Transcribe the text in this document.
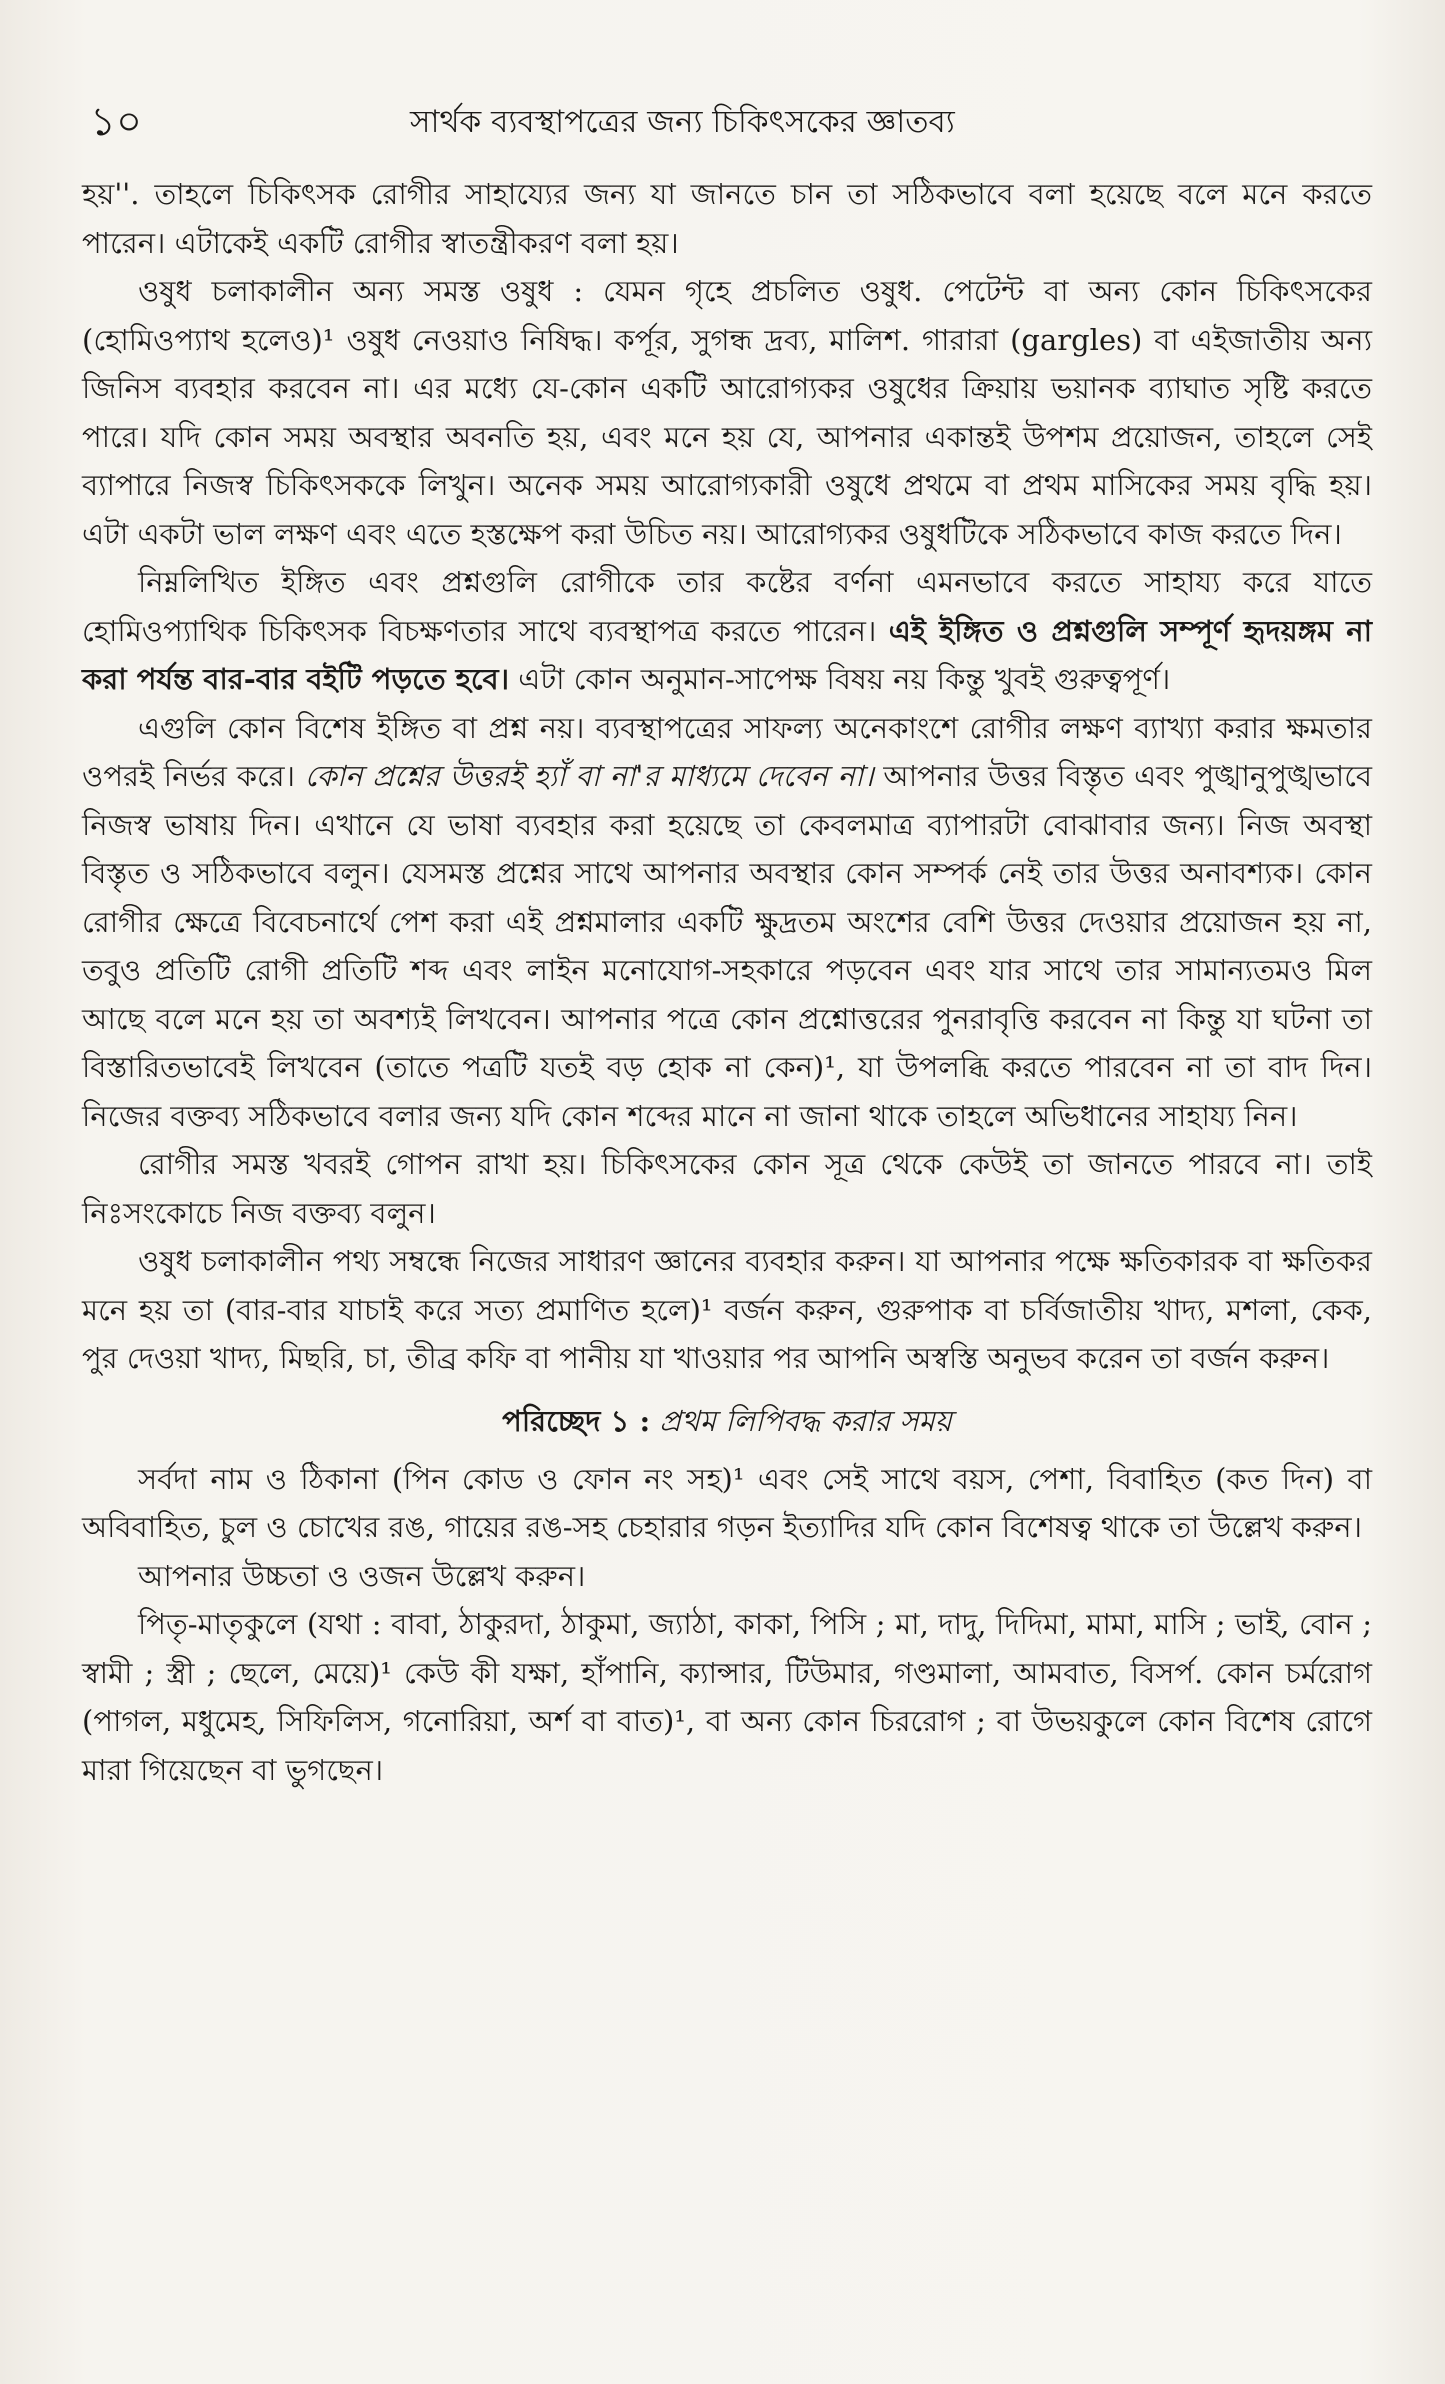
১০	সার্থক ব্যবস্থাপত্রের জন্য চিকিৎসকের জ্ঞাতব্য

হয়''. তাহলে চিকিৎসক রোগীর সাহায্যের জন্য যা জানতে চান তা সঠিকভাবে বলা হয়েছে বলে মনে করতে পারেন। এটাকেই একটি রোগীর স্বাতন্ত্রীকরণ বলা হয়।

ওষুধ চলাকালীন অন্য সমস্ত ওষুধ : যেমন গৃহে প্রচলিত ওষুধ. পেটেন্ট বা অন্য কোন চিকিৎসকের (হোমিওপ্যাথ হলেও)¹ ওষুধ নেওয়াও নিষিদ্ধ। কর্পূর, সুগন্ধ দ্রব্য, মালিশ. গারারা (gargles) বা এইজাতীয় অন্য জিনিস ব্যবহার করবেন না। এর মধ্যে যে-কোন একটি আরোগ্যকর ওষুধের ক্রিয়ায় ভয়ানক ব্যাঘাত সৃষ্টি করতে পারে। যদি কোন সময় অবস্থার অবনতি হয়, এবং মনে হয় যে, আপনার একান্তই উপশম প্রয়োজন, তাহলে সেই ব্যাপারে নিজস্ব চিকিৎসককে লিখুন। অনেক সময় আরোগ্যকারী ওষুধে প্রথমে বা প্রথম মাসিকের সময় বৃদ্ধি হয়। এটা একটা ভাল লক্ষণ এবং এতে হস্তক্ষেপ করা উচিত নয়। আরোগ্যকর ওষুধটিকে সঠিকভাবে কাজ করতে দিন।

নিম্নলিখিত ইঙ্গিত এবং প্রশ্নগুলি রোগীকে তার কষ্টের বর্ণনা এমনভাবে করতে সাহায্য করে যাতে হোমিওপ্যাথিক চিকিৎসক বিচক্ষণতার সাথে ব্যবস্থাপত্র করতে পারেন। এই ইঙ্গিত ও প্রশ্নগুলি সম্পূর্ণ হৃদয়ঙ্গম না করা পর্যন্ত বার-বার বইটি পড়তে হবে। এটা কোন অনুমান-সাপেক্ষ বিষয় নয় কিন্তু খুবই গুরুত্বপূর্ণ।

এগুলি কোন বিশেষ ইঙ্গিত বা প্রশ্ন নয়। ব্যবস্থাপত্রের সাফল্য অনেকাংশে রোগীর লক্ষণ ব্যাখ্যা করার ক্ষমতার ওপরই নির্ভর করে। কোন প্রশ্নের উত্তরই হ্যাঁ বা না'র মাধ্যমে দেবেন না। আপনার উত্তর বিস্তৃত এবং পুঙ্খানুপুঙ্খভাবে নিজস্ব ভাষায় দিন। এখানে যে ভাষা ব্যবহার করা হয়েছে তা কেবলমাত্র ব্যাপারটা বোঝাবার জন্য। নিজ অবস্থা বিস্তৃত ও সঠিকভাবে বলুন। যেসমস্ত প্রশ্নের সাথে আপনার অবস্থার কোন সম্পর্ক নেই তার উত্তর অনাবশ্যক। কোন রোগীর ক্ষেত্রে বিবেচনার্থে পেশ করা এই প্রশ্নমালার একটি ক্ষুদ্রতম অংশের বেশি উত্তর দেওয়ার প্রয়োজন হয় না, তবুও প্রতিটি রোগী প্রতিটি শব্দ এবং লাইন মনোযোগ-সহকারে পড়বেন এবং যার সাথে তার সামান্যতমও মিল আছে বলে মনে হয় তা অবশ্যই লিখবেন। আপনার পত্রে কোন প্রশ্নোত্তরের পুনরাবৃত্তি করবেন না কিন্তু যা ঘটনা তা বিস্তারিতভাবেই লিখবেন (তাতে পত্রটি যতই বড় হোক না কেন)¹, যা উপলব্ধি করতে পারবেন না তা বাদ দিন। নিজের বক্তব্য সঠিকভাবে বলার জন্য যদি কোন শব্দের মানে না জানা থাকে তাহলে অভিধানের সাহায্য নিন।

রোগীর সমস্ত খবরই গোপন রাখা হয়। চিকিৎসকের কোন সূত্র থেকে কেউই তা জানতে পারবে না। তাই নিঃসংকোচে নিজ বক্তব্য বলুন।

ওষুধ চলাকালীন পথ্য সম্বন্ধে নিজের সাধারণ জ্ঞানের ব্যবহার করুন। যা আপনার পক্ষে ক্ষতিকারক বা ক্ষতিকর মনে হয় তা (বার-বার যাচাই করে সত্য প্রমাণিত হলে)¹ বর্জন করুন, গুরুপাক বা চর্বিজাতীয় খাদ্য, মশলা, কেক, পুর দেওয়া খাদ্য, মিছরি, চা, তীব্র কফি বা পানীয় যা খাওয়ার পর আপনি অস্বস্তি অনুভব করেন তা বর্জন করুন।

পরিচ্ছেদ ১ : প্রথম লিপিবদ্ধ করার সময়

সর্বদা নাম ও ঠিকানা (পিন কোড ও ফোন নং সহ)¹ এবং সেই সাথে বয়স, পেশা, বিবাহিত (কত দিন) বা অবিবাহিত, চুল ও চোখের রঙ, গায়ের রঙ-সহ চেহারার গড়ন ইত্যাদির যদি কোন বিশেষত্ব থাকে তা উল্লেখ করুন।

আপনার উচ্চতা ও ওজন উল্লেখ করুন।

পিতৃ-মাতৃকুলে (যথা : বাবা, ঠাকুরদা, ঠাকুমা, জ্যাঠা, কাকা, পিসি ; মা, দাদু, দিদিমা, মামা, মাসি ; ভাই, বোন ; স্বামী ; স্ত্রী ; ছেলে, মেয়ে)¹ কেউ কী যক্ষা, হাঁপানি, ক্যান্সার, টিউমার, গণ্ডমালা, আমবাত, বিসর্প. কোন চর্মরোগ (পাগল, মধুমেহ, সিফিলিস, গনোরিয়া, অর্শ বা বাত)¹, বা অন্য কোন চিররোগ ; বা উভয়কুলে কোন বিশেষ রোগে মারা গিয়েছেন বা ভুগছেন।
